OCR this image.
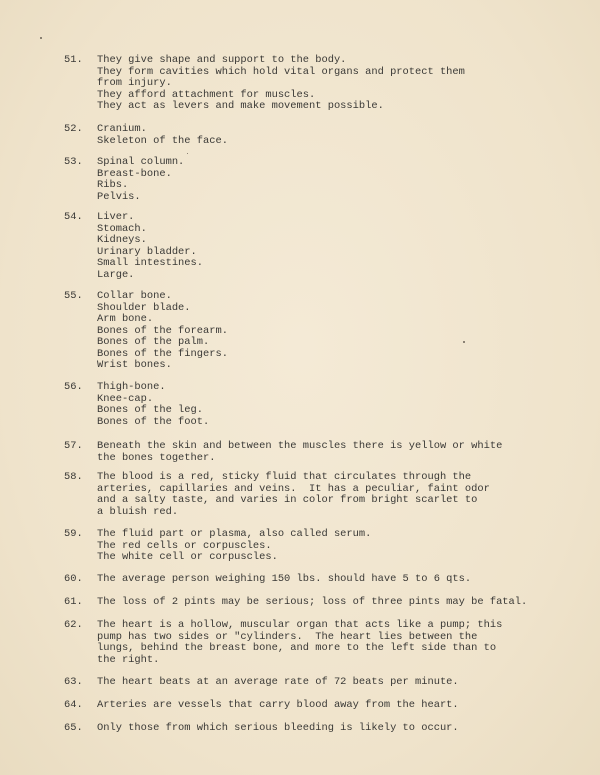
51.	They give shape and support to the body.
They form cavities which hold vital organs and protect them
from injury.
They afford attachment for muscles.
They act as levers and make movement possible.
52.	Cranium.
Skeleton of the face.
53.	Spinal column.
Breast-bone.
Ribs.
Pelvis.
54.	Liver.
Stomach.
Kidneys.
Urinary bladder.
Small intestines.
Large.
55.	Collar bone.
Shoulder blade.
Arm bone.
Bones of the forearm.
Bones of the palm.
Bones of the fingers.
Wrist bones.
56.	Thigh-bone.
Knee-cap.
Bones of the leg.
Bones of the foot.
57.	Beneath the skin and between the muscles there is yellow or white
the bones together.
58.	The blood is a red, sticky fluid that circulates through the
arteries, capillaries and veins.  It has a peculiar, faint odor
and a salty taste, and varies in color from bright scarlet to
a bluish red.
59.	The fluid part or plasma, also called serum.
The red cells or corpuscles.
The white cell or corpuscles.
60.	The average person weighing 150 lbs. should have 5 to 6 qts.
61.	The loss of 2 pints may be serious; loss of three pints may be fatal.
62.	The heart is a hollow, muscular organ that acts like a pump; this
pump has two sides or "cylinders.  The heart lies between the
lungs, behind the breast bone, and more to the left side than to
the right.
63.	The heart beats at an average rate of 72 beats per minute.
64.	Arteries are vessels that carry blood away from the heart.
65.	Only those from which serious bleeding is likely to occur.
